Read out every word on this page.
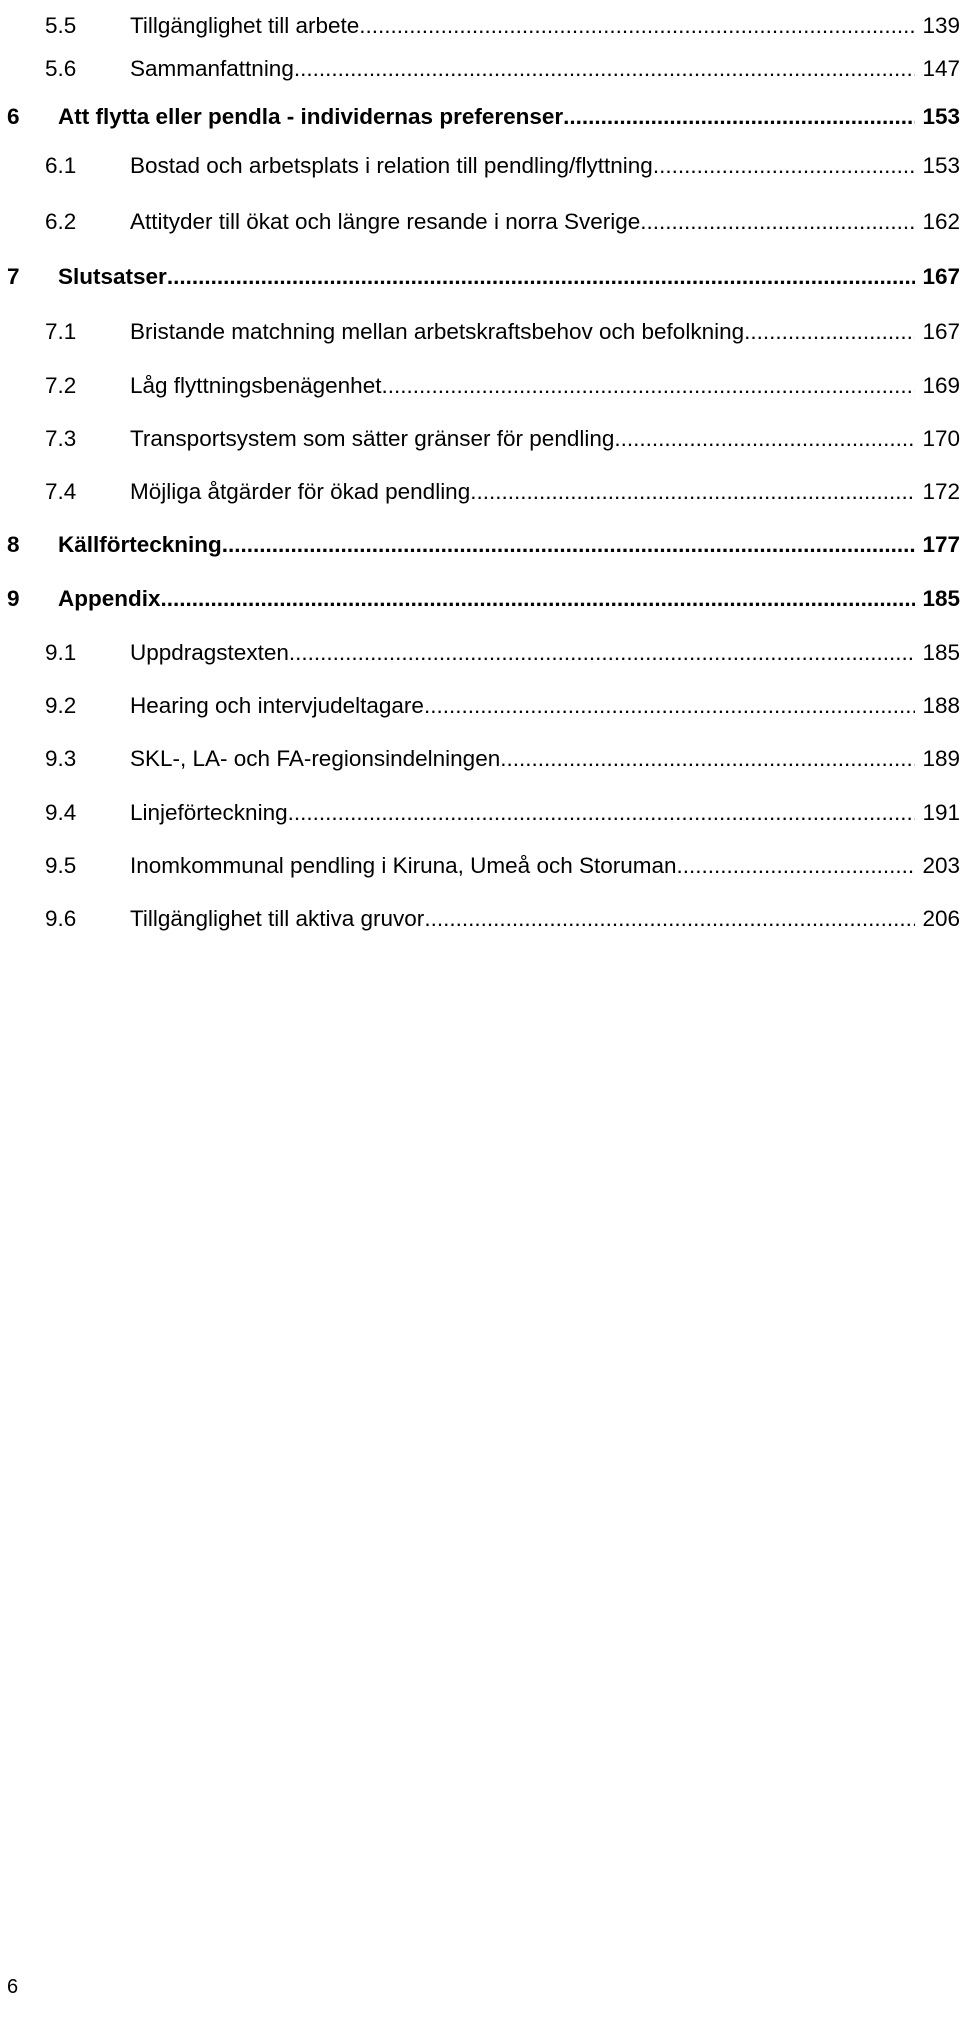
5.5 Tillgänglighet till arbete .....	139
5.6 Sammanfattning .....	147
6 Att flytta eller pendla - individernas preferenser .....	153
6.1 Bostad och arbetsplats i relation till pendling/flyttning .....	153
6.2 Attityder till ökat och längre resande i norra Sverige .....	162
7 Slutsatser .....	167
7.1 Bristande matchning mellan arbetskraftsbehov och befolkning .....	167
7.2 Låg flyttningsbenägenhet .....	169
7.3 Transportsystem som sätter gränser för pendling .....	170
7.4 Möjliga åtgärder för ökad pendling .....	172
8 Källförteckning .....	177
9 Appendix .....	185
9.1 Uppdragstexten .....	185
9.2 Hearing och intervjudeltagare .....	188
9.3 SKL-, LA- och FA-regionsindelningen .....	189
9.4 Linjeförteckning .....	191
9.5 Inomkommunal pendling i Kiruna, Umeå och Storuman .....	203
9.6 Tillgänglighet till aktiva gruvor .....	206
6
